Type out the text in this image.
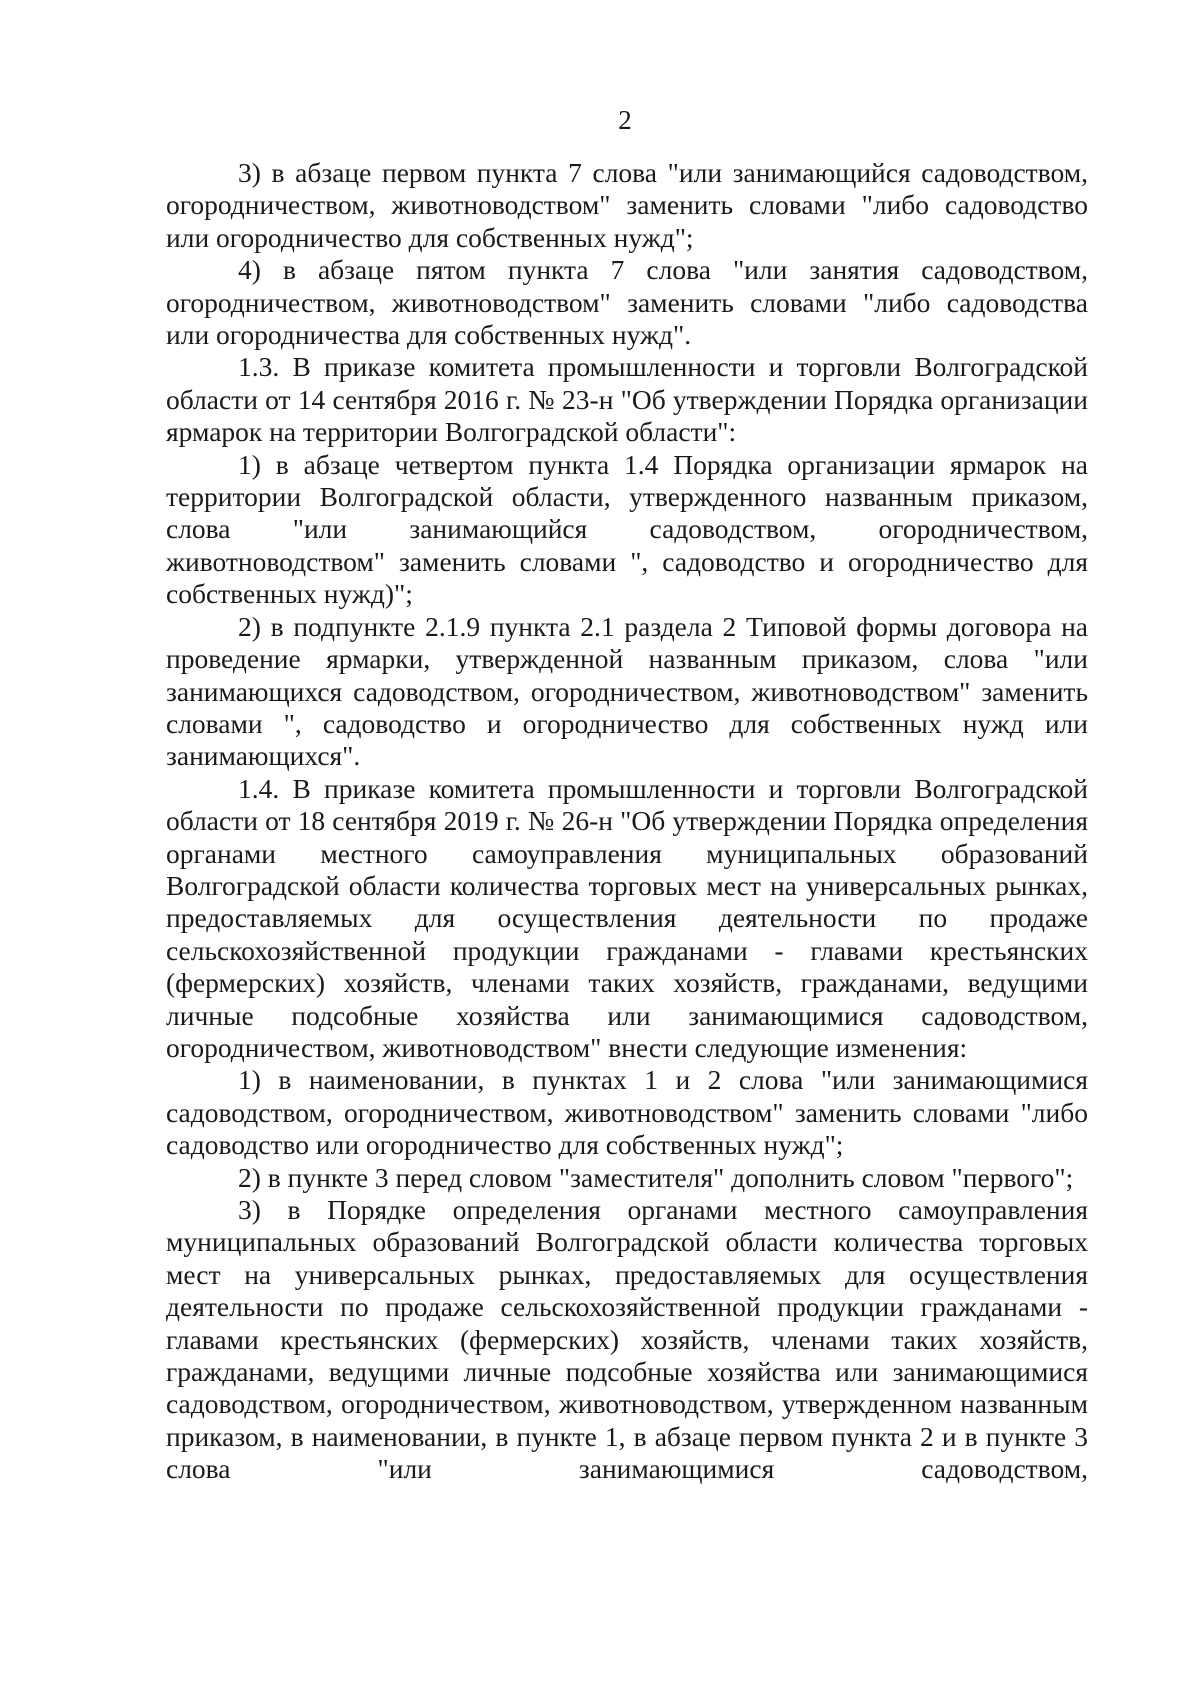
2

3) в абзаце первом пункта 7 слова "или занимающийся садоводством, огородничеством, животноводством" заменить словами "либо садоводство или огородничество для собственных нужд";

4) в абзаце пятом пункта 7 слова "или занятия садоводством, огородничеством, животноводством" заменить словами "либо садоводства или огородничества для собственных нужд".

1.3. В приказе комитета промышленности и торговли Волгоградской области от 14 сентября 2016 г. № 23-н "Об утверждении Порядка организации ярмарок на территории Волгоградской области":

1) в абзаце четвертом пункта 1.4 Порядка организации ярмарок на территории Волгоградской области, утвержденного названным приказом, слова "или занимающийся садоводством, огородничеством, животноводством" заменить словами ", садоводство и огородничество для собственных нужд)";

2) в подпункте 2.1.9 пункта 2.1 раздела 2 Типовой формы договора на проведение ярмарки, утвержденной названным приказом, слова "или занимающихся садоводством, огородничеством, животноводством" заменить словами ", садоводство и огородничество для собственных нужд или занимающихся".

1.4. В приказе комитета промышленности и торговли Волгоградской области от 18 сентября 2019 г. № 26-н "Об утверждении Порядка определения органами местного самоуправления муниципальных образований Волгоградской области количества торговых мест на универсальных рынках, предоставляемых для осуществления деятельности по продаже сельскохозяйственной продукции гражданами - главами крестьянских (фермерских) хозяйств, членами таких хозяйств, гражданами, ведущими личные подсобные хозяйства или занимающимися садоводством, огородничеством, животноводством" внести следующие изменения:

1) в наименовании, в пунктах 1 и 2 слова "или занимающимися садоводством, огородничеством, животноводством" заменить словами "либо садоводство или огородничество для собственных нужд";

2) в пункте 3 перед словом "заместителя" дополнить словом "первого";

3) в Порядке определения органами местного самоуправления муниципальных образований Волгоградской области количества торговых мест на универсальных рынках, предоставляемых для осуществления деятельности по продаже сельскохозяйственной продукции гражданами - главами крестьянских (фермерских) хозяйств, членами таких хозяйств, гражданами, ведущими личные подсобные хозяйства или занимающимися садоводством, огородничеством, животноводством, утвержденном названным приказом, в наименовании, в пункте 1, в абзаце первом пункта 2 и в пункте 3 слова "или занимающимися садоводством,
